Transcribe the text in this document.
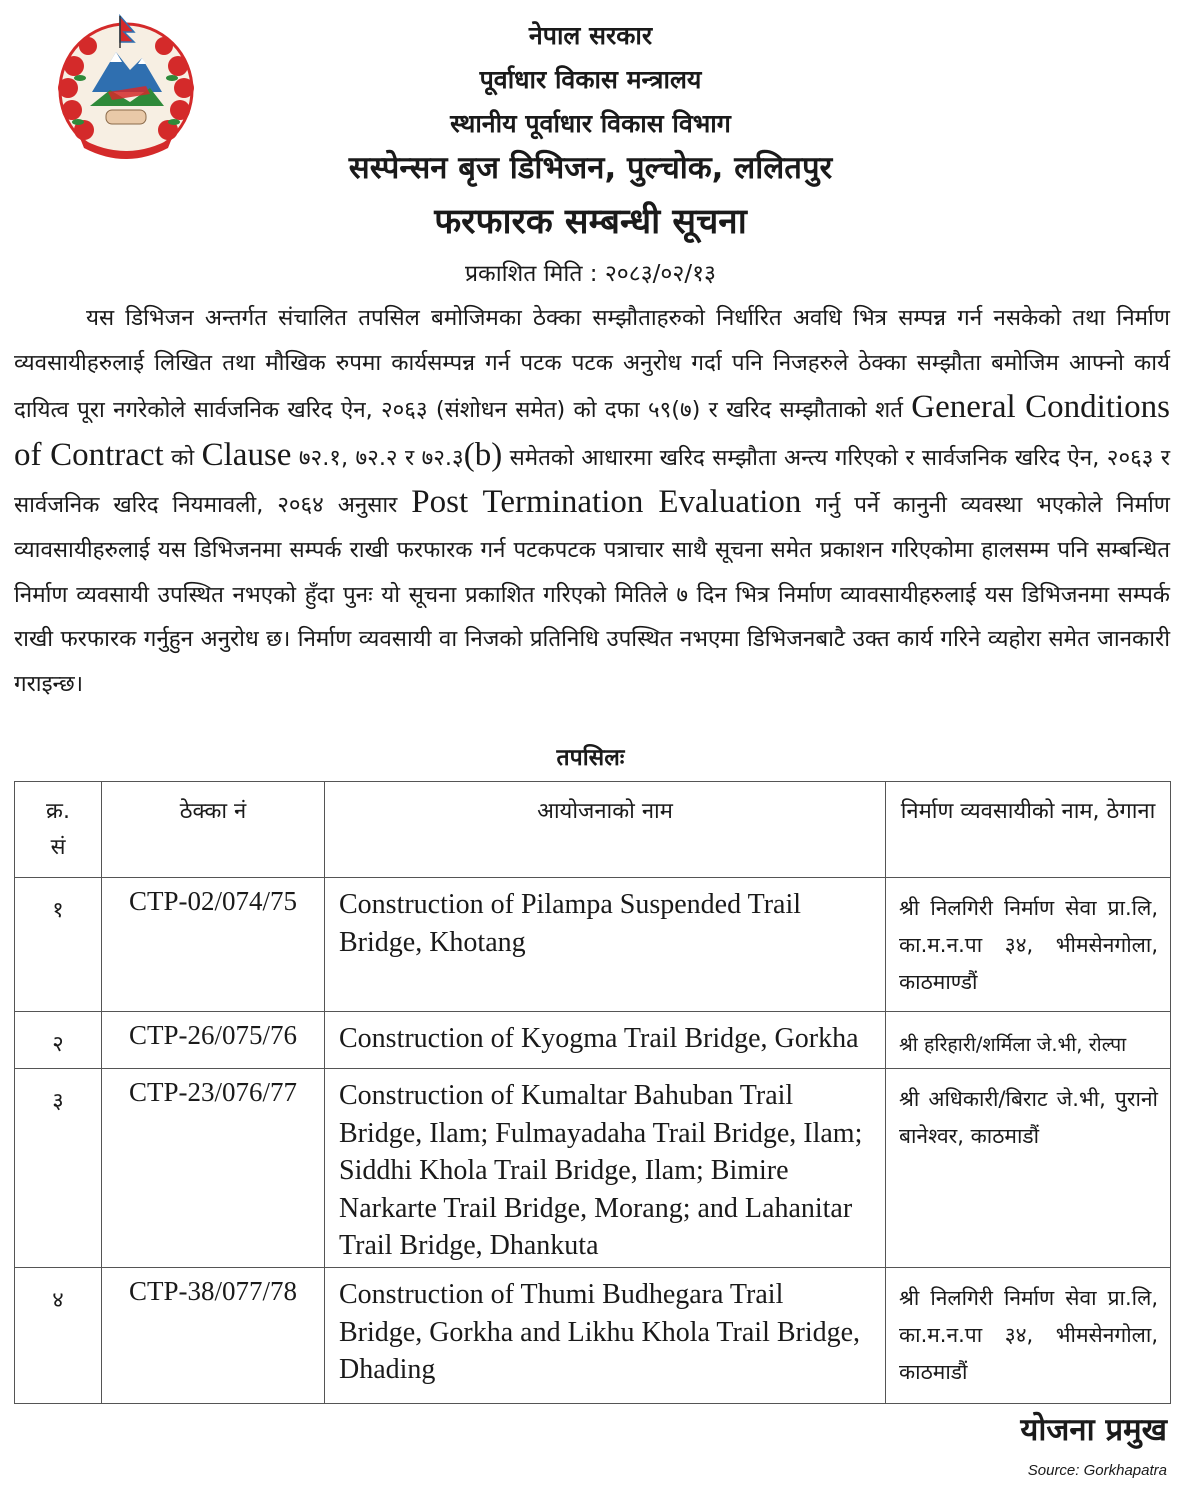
नेपाल सरकार
पूर्वाधार विकास मन्त्रालय
स्थानीय पूर्वाधार विकास विभाग
सस्पेन्सन बृज डिभिजन, पुल्चोक, ललितपुर
फरफारक सम्बन्धी सूचना
प्रकाशित मिति : २०८३/०२/१३
यस डिभिजन अन्तर्गत संचालित तपसिल बमोजिमका ठेक्का सम्झौताहरुको निर्धारित अवधि भित्र सम्पन्न गर्न नसकेको तथा निर्माण व्यवसायीहरुलाई लिखित तथा मौखिक रुपमा कार्यसम्पन्न गर्न पटक पटक अनुरोध गर्दा पनि निजहरुले ठेक्का सम्झौता बमोजिम आफ्नो कार्य दायित्व पूरा नगरेकोले सार्वजनिक खरिद ऐन, २०६३ (संशोधन समेत) को दफा ५९(७) र खरिद सम्झौताको शर्त General Conditions of Contract को Clause ७२.१, ७२.२ र ७२.३(b) समेतको आधारमा खरिद सम्झौता अन्त्य गरिएको र सार्वजनिक खरिद ऐन, २०६३ र सार्वजनिक खरिद नियमावली, २०६४ अनुसार Post Termination Evaluation गर्नु पर्ने कानुनी व्यवस्था भएकोले निर्माण व्यावसायीहरुलाई यस डिभिजनमा सम्पर्क राखी फरफारक गर्न पटकपटक पत्राचार साथै सूचना समेत प्रकाशन गरिएकोमा हालसम्म पनि सम्बन्धित निर्माण व्यवसायी उपस्थित नभएको हुँदा पुनः यो सूचना प्रकाशित गरिएको मितिले ७ दिन भित्र निर्माण व्यावसायीहरुलाई यस डिभिजनमा सम्पर्क राखी फरफारक गर्नुहुन अनुरोध छ। निर्माण व्यवसायी वा निजको प्रतिनिधि उपस्थित नभएमा डिभिजनबाटै उक्त कार्य गरिने व्यहोरा समेत जानकारी गराइन्छ।
तपसिलः
क्र.
सं	ठेक्का नं	आयोजनाको नाम	निर्माण व्यवसायीको नाम, ठेगाना
१	CTP-02/074/75	Construction of Pilampa Suspended Trail Bridge, Khotang	श्री निलगिरी निर्माण सेवा प्रा.लि, का.म.न.पा ३४, भीमसेनगोला, काठमाण्डौं
२	CTP-26/075/76	Construction of Kyogma Trail Bridge, Gorkha	श्री हरिहारी/शर्मिला जे.भी, रोल्पा
३	CTP-23/076/77	Construction of Kumaltar Bahuban Trail Bridge, Ilam; Fulmayadaha Trail Bridge, Ilam; Siddhi Khola Trail Bridge, Ilam; Bimire Narkarte Trail Bridge, Morang; and Lahanitar Trail Bridge, Dhankuta	श्री अधिकारी/बिराट जे.भी, पुरानो बानेश्वर, काठमाडौं
४	CTP-38/077/78	Construction of Thumi Budhegara Trail Bridge, Gorkha and Likhu Khola Trail Bridge, Dhading	श्री निलगिरी निर्माण सेवा प्रा.लि, का.म.न.पा ३४, भीमसेनगोला, काठमाडौं
योजना प्रमुख
Source: Gorkhapatra
